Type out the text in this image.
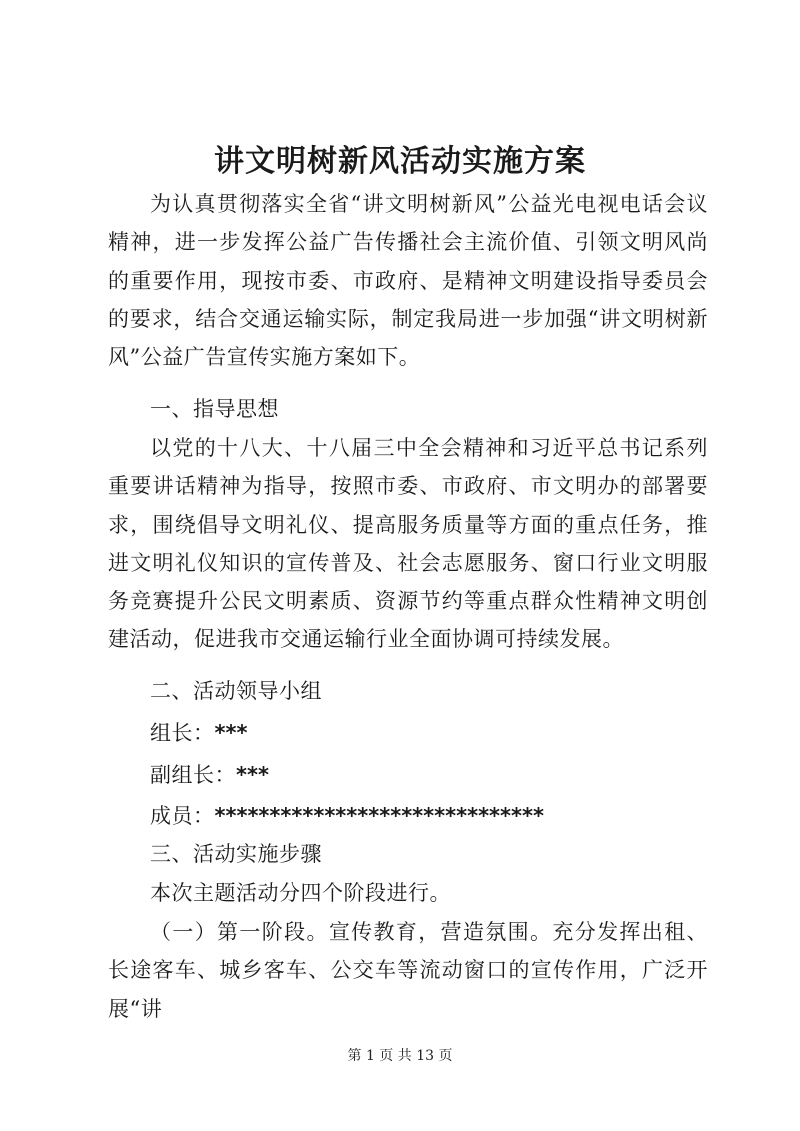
讲文明树新风活动实施方案
为认真贯彻落实全省“讲文明树新风”公益光电视电话会议精神，进一步发挥公益广告传播社会主流价值、引领文明风尚的重要作用，现按市委、市政府、是精神文明建设指导委员会的要求，结合交通运输实际，制定我局进一步加强“讲文明树新风”公益广告宣传实施方案如下。
一、指导思想
以党的十八大、十八届三中全会精神和习近平总书记系列重要讲话精神为指导，按照市委、市政府、市文明办的部署要求，围绕倡导文明礼仪、提高服务质量等方面的重点任务，推进文明礼仪知识的宣传普及、社会志愿服务、窗口行业文明服务竞赛提升公民文明素质、资源节约等重点群众性精神文明创建活动，促进我市交通运输行业全面协调可持续发展。
二、活动领导小组
组长：***
副组长：***
成员：******************************
三、活动实施步骤
本次主题活动分四个阶段进行。
（一）第一阶段。宣传教育，营造氛围。充分发挥出租、长途客车、城乡客车、公交车等流动窗口的宣传作用，广泛开展“讲
第 1 页 共 13 页
